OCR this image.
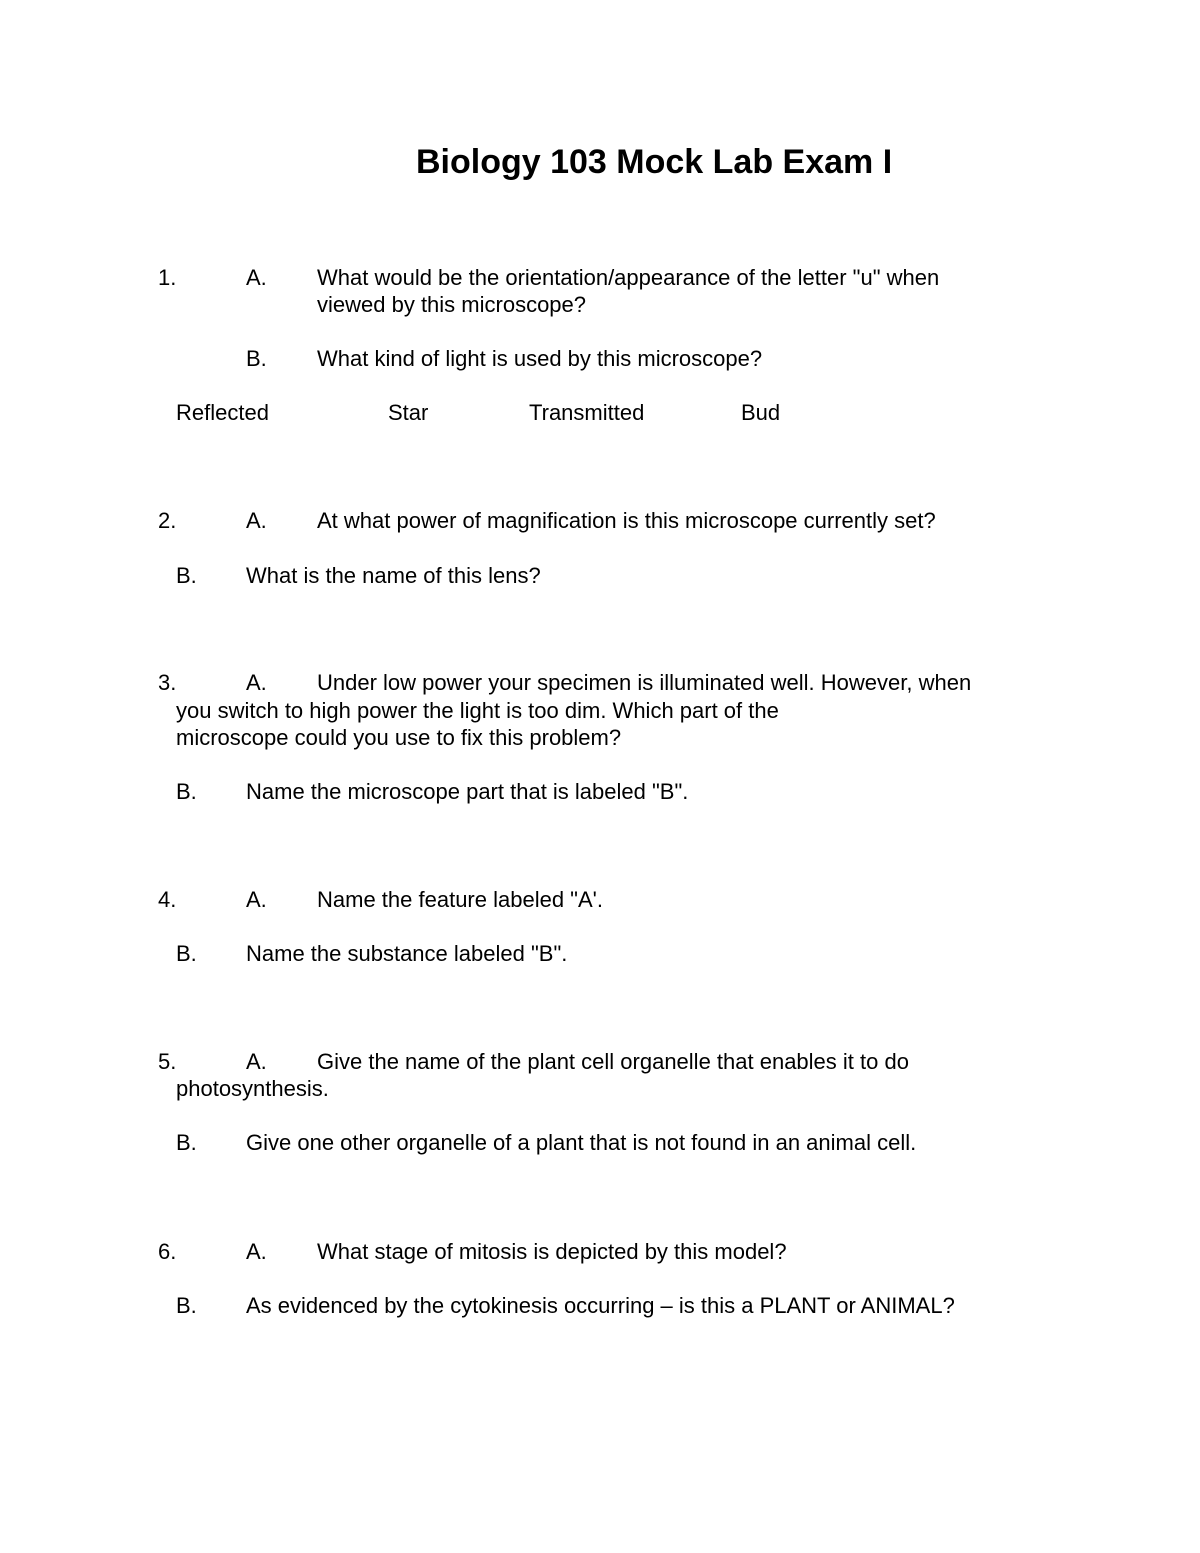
Biology 103 Mock Lab Exam I
1.	A. What would be the orientation/appearance of the letter "u" when
viewed by this microscope?
B. What kind of light is used by this microscope?
Reflected	Star	Transmitted	Bud
2.	A. At what power of magnification is this microscope currently set?
B. What is the name of this lens?
3.	A. Under low power your specimen is illuminated well. However, when
you switch to high power the light is too dim. Which part of the
microscope could you use to fix this problem?
B. Name the microscope part that is labeled "B".
4.	A. Name the feature labeled "A'.
B. Name the substance labeled "B".
5.	A. Give the name of the plant cell organelle that enables it to do
photosynthesis.
B. Give one other organelle of a plant that is not found in an animal cell.
6.	A. What stage of mitosis is depicted by this model?
B. As evidenced by the cytokinesis occurring – is this a PLANT or ANIMAL?
